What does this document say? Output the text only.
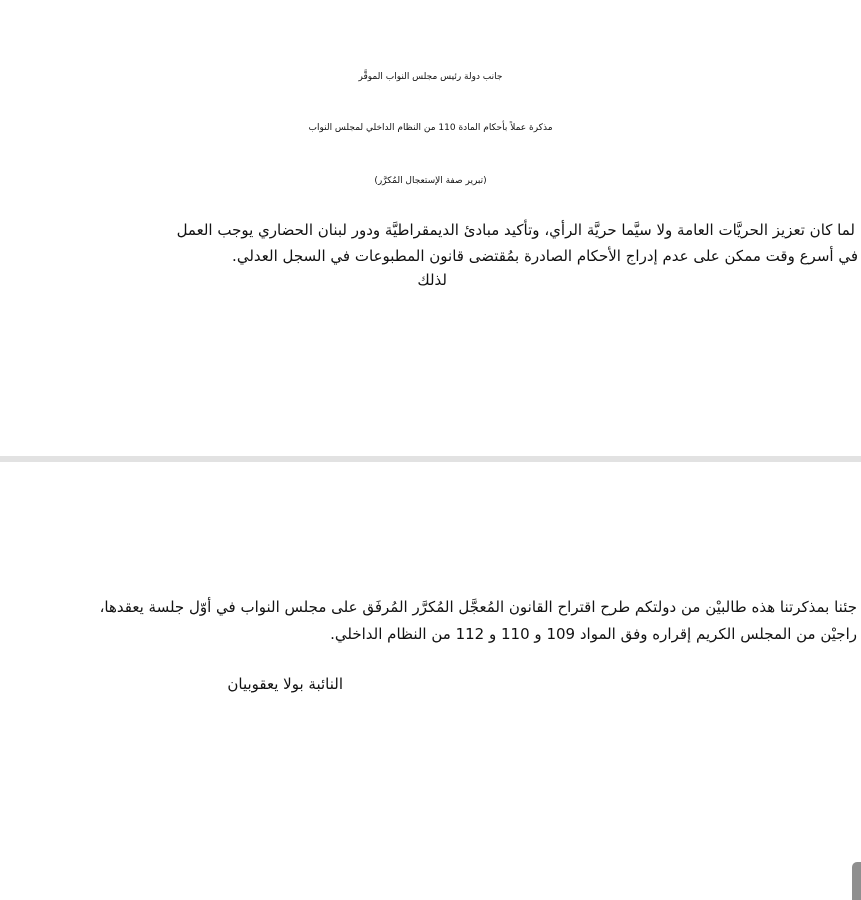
جانب دولة رئيس مجلس النواب الموقَّر
مذكرة عملاً بأحكام المادة 110 من النظام الداخلي لمجلس النواب
(تبرير صفة الإستعجال المُكرَّر)
لما كان تعزيز الحريَّات العامة ولا سيَّما حريَّة الرأي، وتأكيد مبادئ الديمقراطيَّة ودور لبنان الحضاري يوجب العمل
في أسرع وقت ممكن على عدم إدراج الأحكام الصادرة بمُقتضى قانون المطبوعات في السجل العدلي.
لذلك
جئنا بمذكرتنا هذه طالبيْن من دولتكم طرح اقتراح القانون المُعجَّل المُكرَّر المُرفَق على مجلس النواب في أوّل جلسة يعقدها،
راجيْن من المجلس الكريم إقراره وفق المواد 109 و 110 و 112 من النظام الداخلي.
النائبة بولا يعقوبيان
